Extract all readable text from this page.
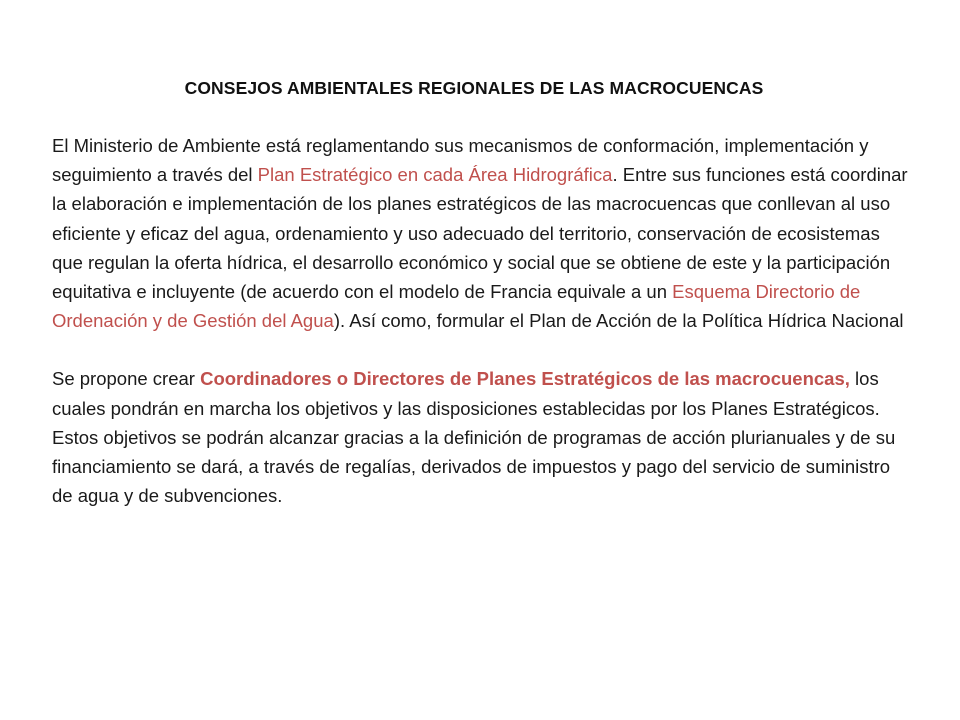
CONSEJOS AMBIENTALES REGIONALES DE LAS MACROCUENCAS

El Ministerio de Ambiente está reglamentando sus mecanismos de conformación, implementación y seguimiento a través del Plan Estratégico en cada Área Hidrográfica. Entre sus funciones está coordinar la elaboración e implementación de los planes estratégicos de las macrocuencas que conllevan al uso eficiente y eficaz del agua, ordenamiento y uso adecuado del territorio, conservación de ecosistemas que regulan la oferta hídrica, el desarrollo económico y social que se obtiene de este y la participación equitativa e incluyente (de acuerdo con el modelo de Francia equivale a un Esquema Directorio de Ordenación y de Gestión del Agua). Así como, formular el Plan de Acción de la Política Hídrica Nacional

Se propone crear Coordinadores o Directores de Planes Estratégicos de las macrocuencas, los cuales pondrán en marcha los objetivos y las disposiciones establecidas por los Planes Estratégicos. Estos objetivos se podrán alcanzar gracias a la definición de programas de acción plurianuales y de su financiamiento se dará, a través de regalías, derivados de impuestos y pago del servicio de suministro de agua y de subvenciones.
